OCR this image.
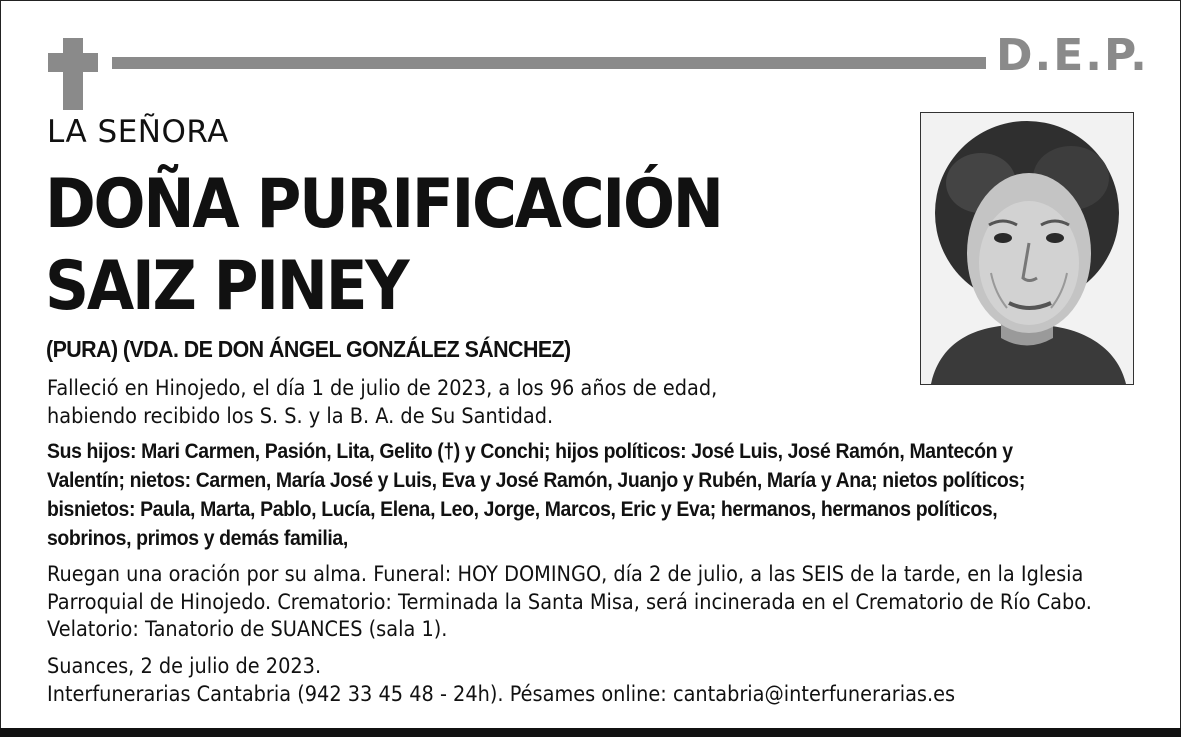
D.E.P.
LA SEÑORA
DOÑA PURIFICACIÓN
SAIZ PINEY
(PURA) (VDA. DE DON ÁNGEL GONZÁLEZ SÁNCHEZ)
Falleció en Hinojedo, el día 1 de julio de 2023, a los 96 años de edad,
habiendo recibido los S. S. y la B. A. de Su Santidad.
Sus hijos: Mari Carmen, Pasión, Lita, Gelito (†) y Conchi; hijos políticos: José Luis, José Ramón, Mantecón y
Valentín; nietos: Carmen, María José y Luis, Eva y José Ramón, Juanjo y Rubén, María y Ana; nietos políticos;
bisnietos: Paula, Marta, Pablo, Lucía, Elena, Leo, Jorge, Marcos, Eric y Eva; hermanos, hermanos políticos,
sobrinos, primos y demás familia,
Ruegan una oración por su alma. Funeral: HOY DOMINGO, día 2 de julio, a las SEIS de la tarde, en la Iglesia
Parroquial de Hinojedo. Crematorio: Terminada la Santa Misa, será incinerada en el Crematorio de Río Cabo.
Velatorio: Tanatorio de SUANCES (sala 1).
Suances, 2 de julio de 2023.
Interfunerarias Cantabria (942 33 45 48 - 24h). Pésames online: cantabria@interfunerarias.es
